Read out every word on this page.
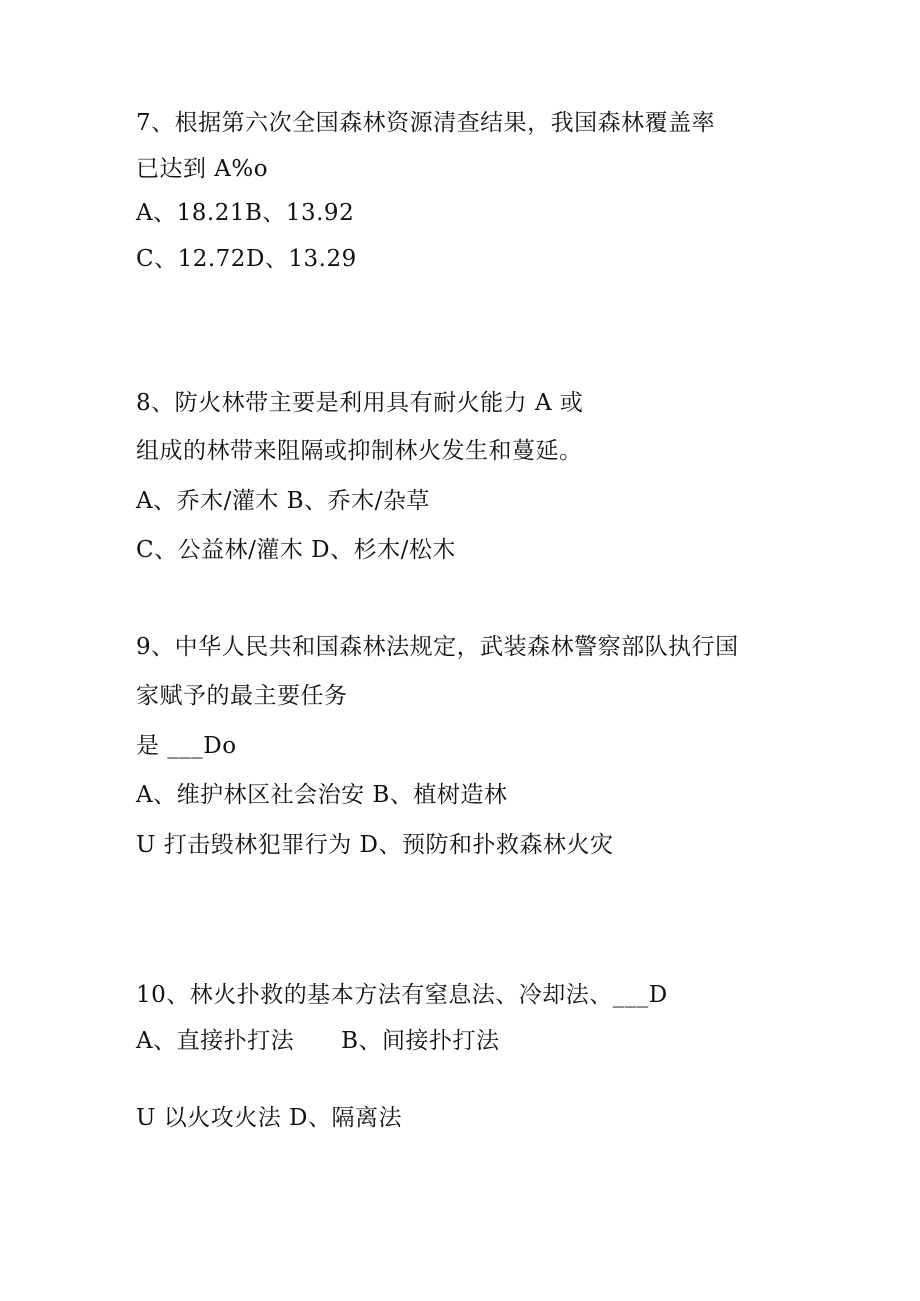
7、根据第六次全国森林资源清查结果，我国森林覆盖率
已达到 A%o
A、18.21B、13.92
C、12.72D、13.29
8、防火林带主要是利用具有耐火能力 A 或
组成的林带来阻隔或抑制林火发生和蔓延。
A、乔木/灌木 B、乔木/杂草
C、公益林/灌木 D、杉木/松木
9、中华人民共和国森林法规定，武装森林警察部队执行国
家赋予的最主要任务
是 ___Do
A、维护林区社会治安 B、植树造林
U 打击毁林犯罪行为 D、预防和扑救森林火灾
10、林火扑救的基本方法有窒息法、冷却法、___D
A、直接扑打法　　B、间接扑打法
U 以火攻火法 D、隔离法
